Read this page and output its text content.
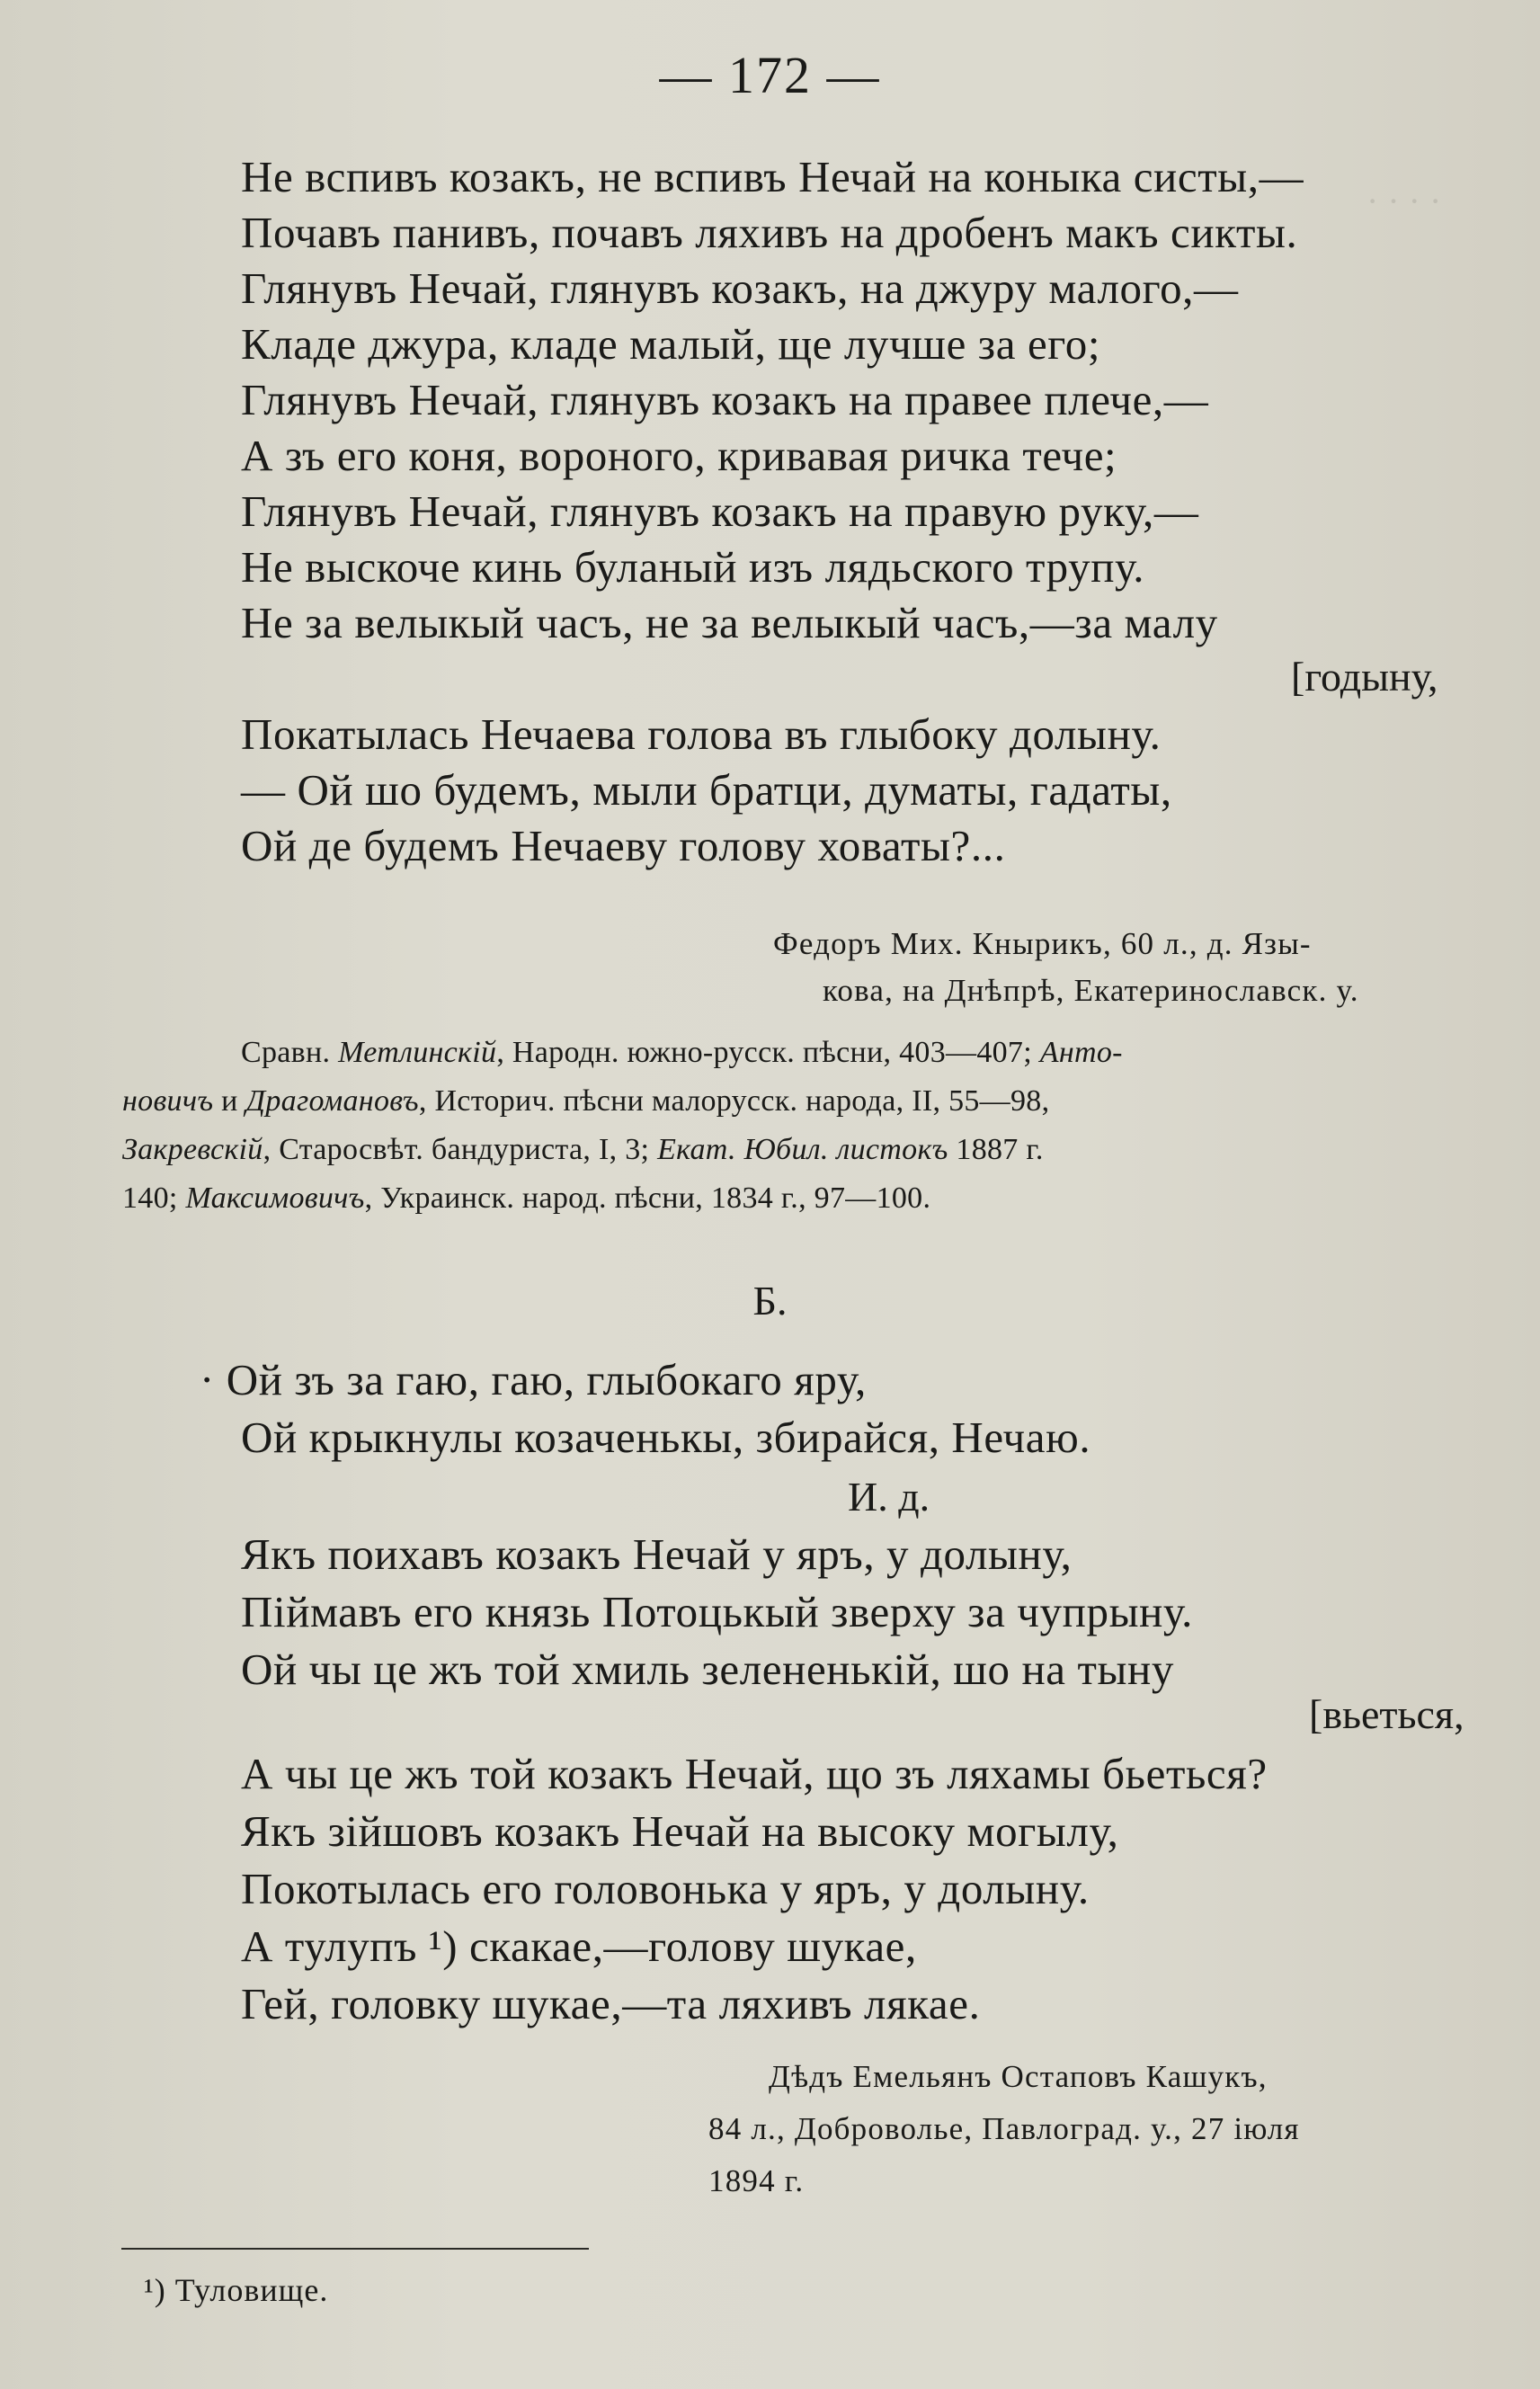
· · · ·
— 172 —
Не вспивъ козакъ, не вспивъ Нечай на коныка систы,—
Почавъ панивъ, почавъ ляхивъ на дробенъ макъ сикты.
Глянувъ Нечай, глянувъ козакъ, на джуру малого,—
Кладе джура, кладе малый, ще лучше за его;
Глянувъ Нечай, глянувъ козакъ на правее плече,—
А зъ его коня, вороного, кривавая ричка тече;
Глянувъ Нечай, глянувъ козакъ на правую руку,—
Не выскоче кинь буланый изъ лядьского трупу.
Не за велыкый часъ, не за велыкый часъ,—за малу
[годыну,
Покатылась Нечаева голова въ глыбоку долыну.
— Ой шо будемъ, мыли братци, думаты, гадаты,
Ой де будемъ Нечаеву голову ховаты?...
Федоръ Мих. Кнырикъ, 60 л., д. Язы-
кова, на Днѣпрѣ, Екатеринославск. у.
Сравн. Метлинскій, Народн. южно-русск. пѣсни, 403—407; Анто-
новичъ и Драгомановъ, Историч. пѣсни малорусск. народа, II, 55—98,
Закревскій, Старосвѣт. бандуриста, I, 3; Екат. Юбил. листокъ 1887 г.
140; Максимовичъ, Украинск. народ. пѣсни, 1834 г., 97—100.
Б.
· Ой зъ за гаю, гаю, глыбокаго яру,
Ой крыкнулы козаченькы, збирайся, Нечаю.
И. д.
Якъ поихавъ козакъ Нечай у яръ, у долыну,
Піймавъ его князь Потоцькый зверху за чупрыну.
Ой чы це жъ той хмиль зелененькій, шо на тыну
[вьеться,
А чы це жъ той козакъ Нечай, що зъ ляхамы бьеться?
Якъ зійшовъ козакъ Нечай на высоку могылу,
Покотылась его головонька у яръ, у долыну.
А тулупъ ¹) скакае,—голову шукае,
Гей, головку шукае,—та ляхивъ лякае.
Дѣдъ Емельянъ Остаповъ Кашукъ,
84 л., Добровольe, Павлоград. у., 27 іюля
1894 г.
¹) Туловище.
